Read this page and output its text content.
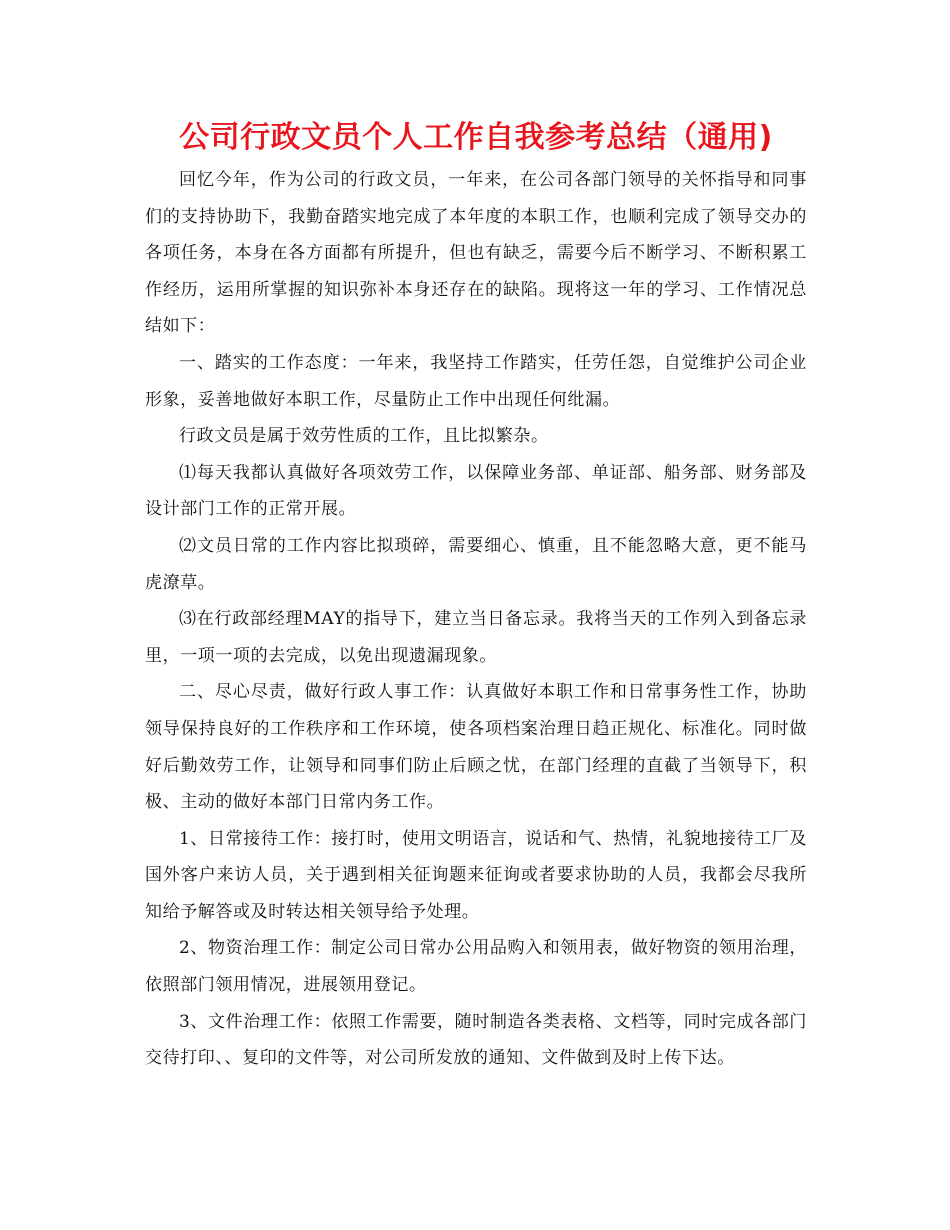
公司行政文员个人工作自我参考总结（通用)

回忆今年，作为公司的行政文员，一年来，在公司各部门领导的关怀指导和同事们的支持协助下，我勤奋踏实地完成了本年度的本职工作，也顺利完成了领导交办的各项任务，本身在各方面都有所提升，但也有缺乏，需要今后不断学习、不断积累工作经历，运用所掌握的知识弥补本身还存在的缺陷。现将这一年的学习、工作情况总结如下：

一、踏实的工作态度：一年来，我坚持工作踏实，任劳任怨，自觉维护公司企业形象，妥善地做好本职工作，尽量防止工作中出现任何纰漏。

行政文员是属于效劳性质的工作，且比拟繁杂。

⑴每天我都认真做好各项效劳工作，以保障业务部、单证部、船务部、财务部及设计部门工作的正常开展。

⑵文员日常的工作内容比拟琐碎，需要细心、慎重，且不能忽略大意，更不能马虎潦草。

⑶在行政部经理MAY的指导下，建立当日备忘录。我将当天的工作列入到备忘录里，一项一项的去完成，以免出现遗漏现象。

二、尽心尽责，做好行政人事工作：认真做好本职工作和日常事务性工作，协助领导保持良好的工作秩序和工作环境，使各项档案治理日趋正规化、标准化。同时做好后勤效劳工作，让领导和同事们防止后顾之忧，在部门经理的直截了当领导下，积极、主动的做好本部门日常内务工作。

1、日常接待工作：接打时，使用文明语言，说话和气、热情，礼貌地接待工厂及国外客户来访人员，关于遇到相关征询题来征询或者要求协助的人员，我都会尽我所知给予解答或及时转达相关领导给予处理。

2、物资治理工作：制定公司日常办公用品购入和领用表，做好物资的领用治理，依照部门领用情况，进展领用登记。

3、文件治理工作：依照工作需要，随时制造各类表格、文档等，同时完成各部门交待打印、、复印的文件等，对公司所发放的通知、文件做到及时上传下达。
